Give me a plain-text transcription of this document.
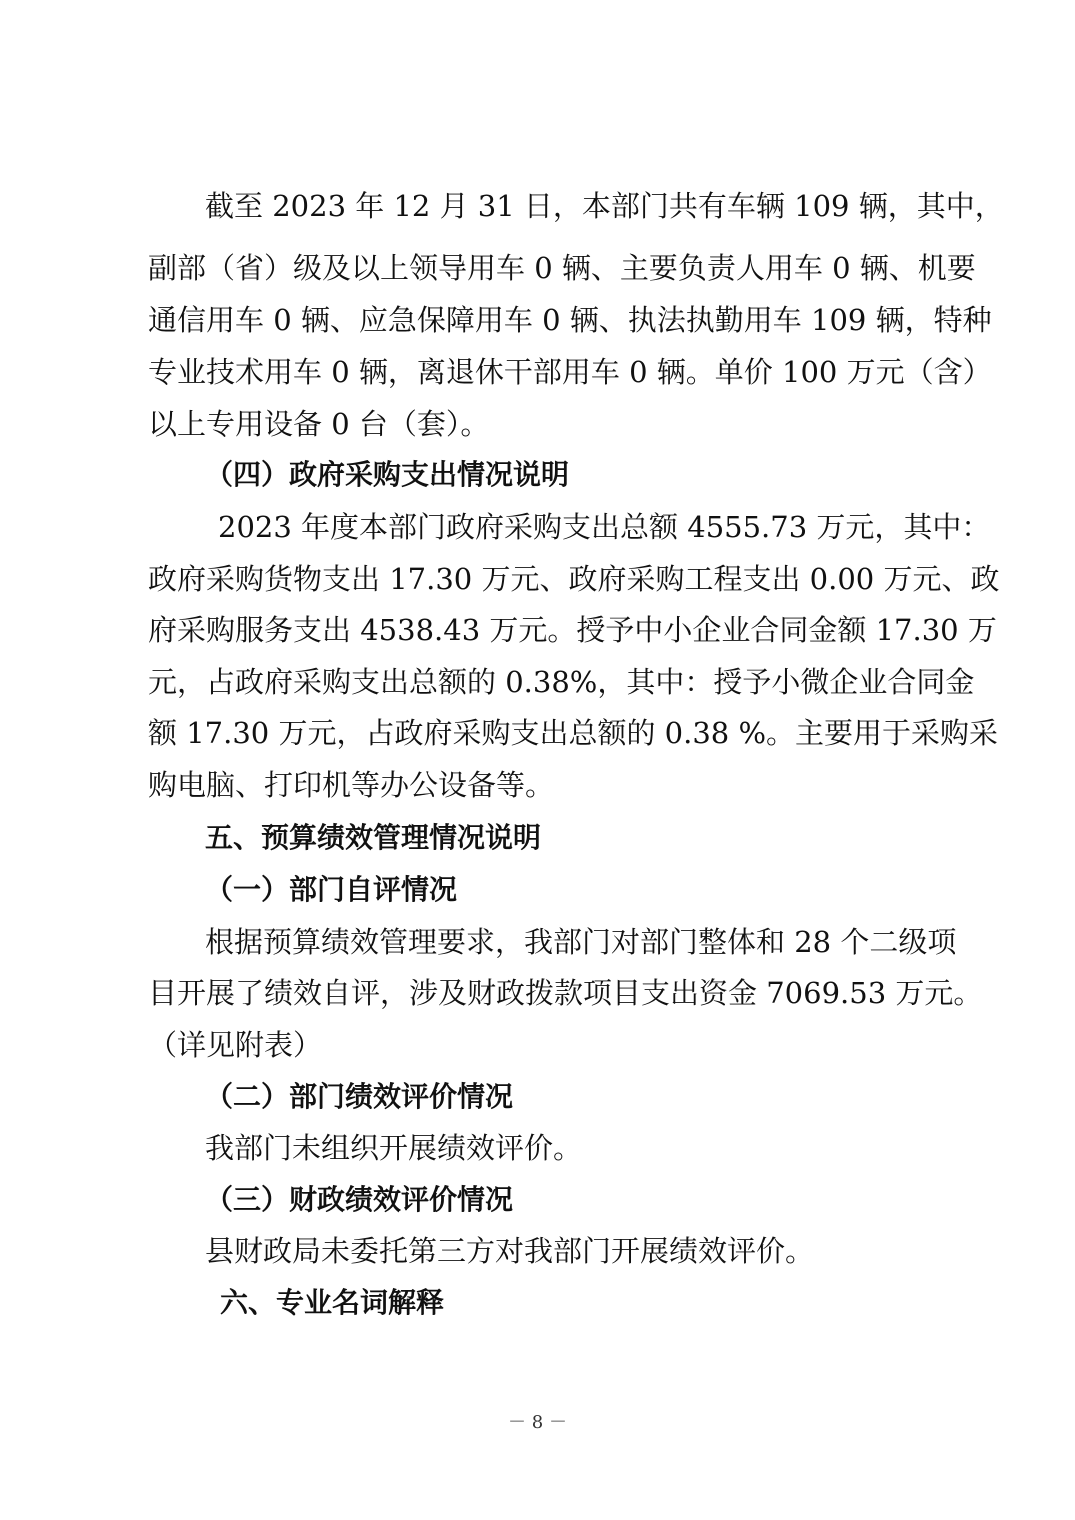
截至 2023 年 12 月 31 日，本部门共有车辆 109 辆，其中，
副部（省）级及以上领导用车 0 辆、主要负责人用车 0 辆、机要
通信用车 0 辆、应急保障用车 0 辆、执法执勤用车 109 辆，特种
专业技术用车 0 辆，离退休干部用车 0 辆。单价 100 万元（含）
以上专用设备 0 台（套）。
（四）政府采购支出情况说明
2023 年度本部门政府采购支出总额 4555.73 万元，其中：
政府采购货物支出 17.30 万元、政府采购工程支出 0.00 万元、政
府采购服务支出 4538.43 万元。授予中小企业合同金额 17.30 万
元，占政府采购支出总额的 0.38%，其中：授予小微企业合同金
额 17.30 万元，占政府采购支出总额的 0.38 %。主要用于采购采
购电脑、打印机等办公设备等。
五、预算绩效管理情况说明
（一）部门自评情况
根据预算绩效管理要求，我部门对部门整体和 28 个二级项
目开展了绩效自评，涉及财政拨款项目支出资金 7069.53 万元。
（详见附表）
（二）部门绩效评价情况
我部门未组织开展绩效评价。
（三）财政绩效评价情况
县财政局未委托第三方对我部门开展绩效评价。
六、专业名词解释
－ 8 －
